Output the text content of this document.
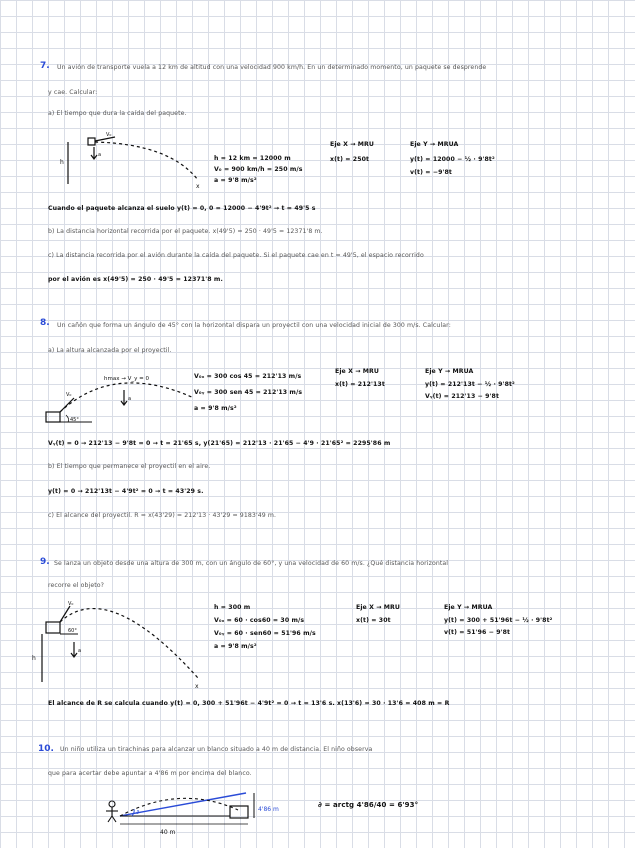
7. Un avión de transporte vuela a 12 km de altitud con una velocidad 900 km/h. En un determinado momento, un paquete se desprende
y cae. Calcular:
a) El tiempo que dura la caída del paquete.
h
V₀
a
x
h = 12 km = 12000 m
V₀ = 900 km/h = 250 m/s
a = 9'8 m/s²
Eje X → MRU
x(t) = 250t
Eje Y → MRUA
y(t) = 12000 − ½ · 9'8t²
v(t) = −9'8t
Cuando el paquete alcanza el suelo y(t) = 0, 0 = 12000 − 4'9t² → t = 49'5 s
b) La distancia horizontal recorrida por el paquete. x(49'5) = 250 · 49'5 = 12371'8 m.
c) La distancia recorrida por el avión durante la caída del paquete. Si el paquete cae en t = 49'5, el espacio recorrido
por el avión es x(49'5) = 250 · 49'5 = 12371'8 m.
8. Un cañón que forma un ángulo de 45° con la horizontal dispara un proyectil con una velocidad inicial de 300 m/s. Calcular:
a) La altura alcanzada por el proyectil.
hmax → V_y = 0
V₀
a
45°
V₀ₓ = 300 cos 45 = 212'13 m/s
V₀ᵧ = 300 sen 45 = 212'13 m/s
a = 9'8 m/s²
Eje X → MRU
x(t) = 212'13t
Eje Y → MRUA
y(t) = 212'13t − ½ · 9'8t²
Vᵧ(t) = 212'13 − 9'8t
Vᵧ(t) = 0 → 212'13 − 9'8t = 0 → t = 21'65 s, y(21'65) = 212'13 · 21'65 − 4'9 · 21'65² = 2295'86 m
b) El tiempo que permanece el proyectil en el aire.
y(t) = 0 → 212'13t − 4'9t² = 0 → t = 43'29 s.
c) El alcance del proyectil. R = x(43'29) = 212'13 · 43'29 = 9183'49 m.
9. Se lanza un objeto desde una altura de 300 m, con un ángulo de 60°, y una velocidad de 60 m/s. ¿Qué distancia horizontal
recorre el objeto?
h
V₀
a
60°
x
h = 300 m
V₀ₓ = 60 · cos60 = 30 m/s
V₀ᵧ = 60 · sen60 = 51'96 m/s
a = 9'8 m/s²
Eje X → MRU
x(t) = 30t
Eje Y → MRUA
y(t) = 300 + 51'96t − ½ · 9'8t²
v(t) = 51'96 − 9'8t
El alcance de R se calcula cuando y(t) = 0, 300 + 51'96t − 4'9t² = 0 → t = 13'6 s. x(13'6) = 30 · 13'6 = 408 m = R
10. Un niño utiliza un tirachinas para alcanzar un blanco situado a 40 m de distancia. El niño observa
que para acertar debe apuntar a 4'86 m por encima del blanco.
4'86 m
40 m
∂
∂ = arctg 4'86/40 = 6'93°
